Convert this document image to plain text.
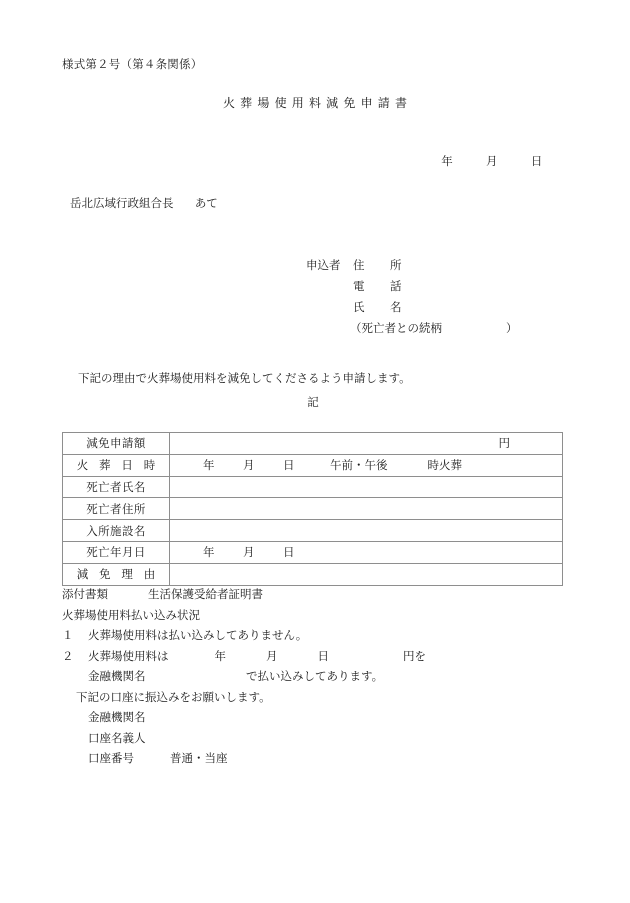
様式第２号（第４条関係）
火葬場使用料減免申請書
年	月	日
岳北広域行政組合長 あて
申込者 住　所
電　話
氏　名
（死亡者との続柄	）
下記の理由で火葬場使用料を減免してくださるよう申請します。
記
減免申請額	円

火 葬 日 時	年 月 日 午前・午後 時火葬
死亡者氏名	
死亡者住所	
入所施設名	
死亡年月日	年 月 日
減 免 理 由	
添付書類	生活保護受給者証明書
火葬場使用料払い込み状況
１ 火葬場使用料は払い込みしてありません。
２ 火葬場使用料は	年	月	日	円を
金融機関名	で払い込みしてあります。
下記の口座に振込みをお願いします。
金融機関名
口座名義人
口座番号	普通・当座
